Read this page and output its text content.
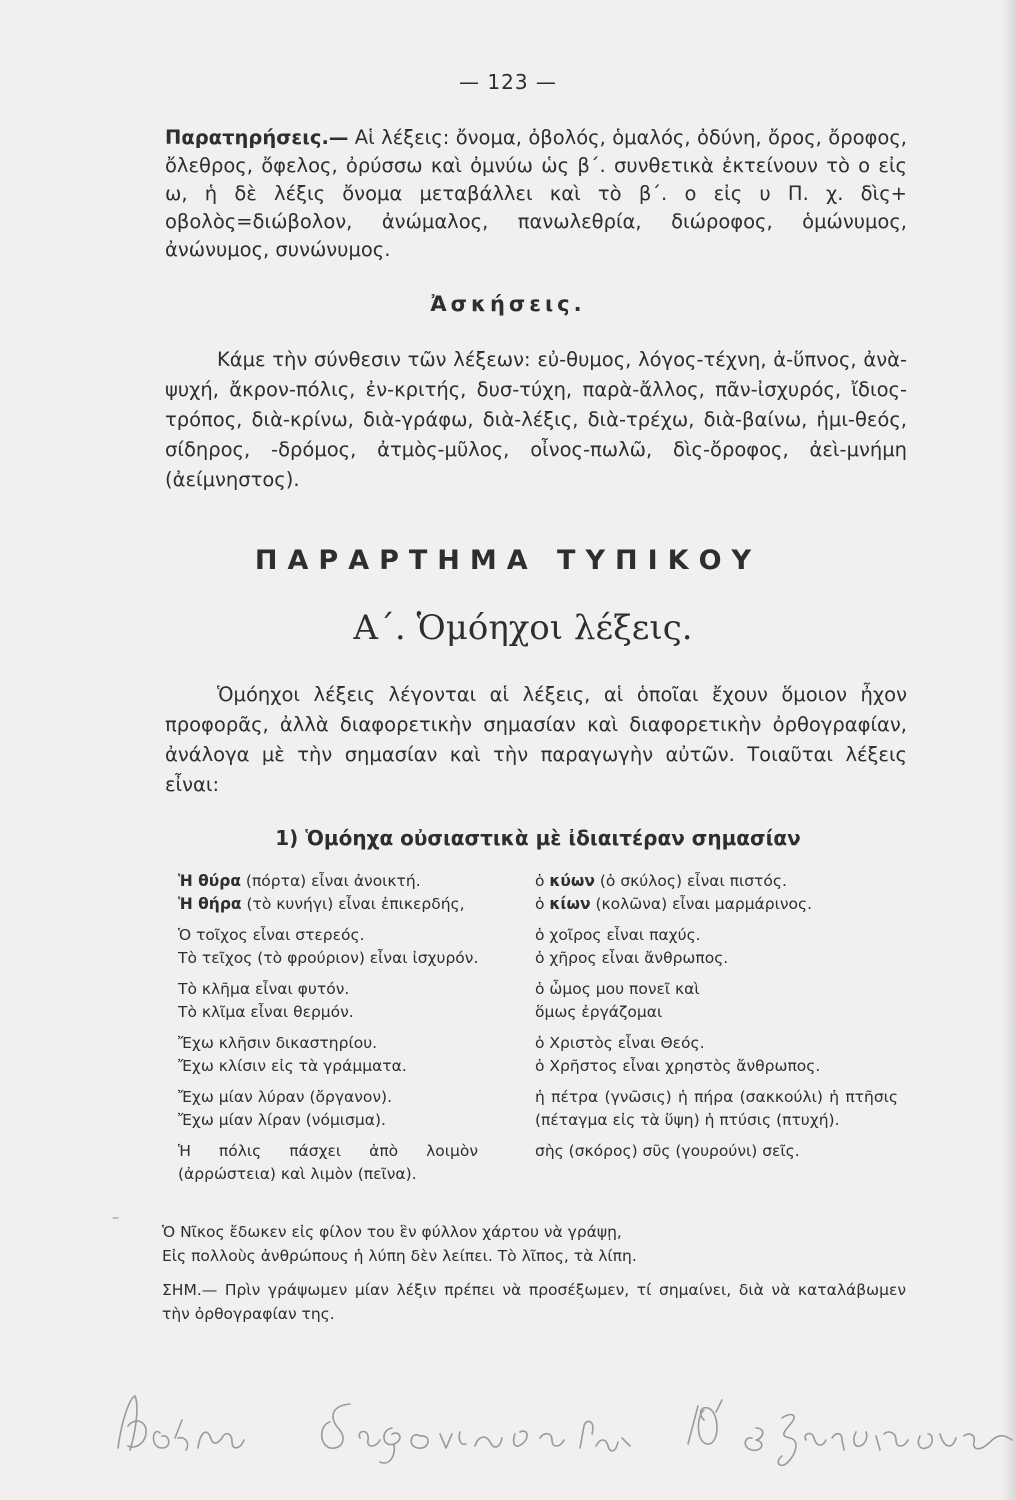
— 123 —
Παρατηρήσεις.— Αἱ λέξεις: ὄνομα, ὀβολός, ὁμαλός, ὀδύνη, ὄρος, ὄροφος, ὄλεθρος, ὄφελος, ὀρύσσω καὶ ὀμνύω ὡς β΄. συνθετικὰ ἐκτείνουν τὸ ο εἰς ω, ἡ δὲ λέξις ὄνομα μεταβάλλει καὶ τὸ β΄. ο εἰς υ Π. χ. δὶς+ οβολὸς=διώβολον, ἀνώμαλος, πανωλεθρία, διώροφος, ὁμώνυμος, ἀνώνυμος, συνώνυμος.
Ἀσκήσεις.
Κάμε τὴν σύνθεσιν τῶν λέξεων: εὐ-θυμος, λόγος-τέχνη, ἀ-ὕπνος, ἀνὰ-ψυχή, ἄκρον-πόλις, ἐν-κριτής, δυσ-τύχη, παρὰ-ἄλλος, πᾶν-ἰσχυρός, ἴδιος-τρόπος, διὰ-κρίνω, διὰ-γράφω, διὰ-λέξις, διὰ-τρέχω, διὰ-βαίνω, ἡμι-θεός, σίδηρος, -δρόμος, ἀτμὸς-μῦλος, οἶνος-πωλῶ, δὶς-ὄροφος, ἀεὶ-μνήμη (ἀείμνηστος).
ΠΑΡΑΡΤΗΜΑ ΤΥΠΙΚΟΥ
Α΄. Ὁμόηχοι λέξεις.
Ὁμόηχοι λέξεις λέγονται αἱ λέξεις, αἱ ὁποῖαι ἔχουν ὅμοιον ἦχον προφορᾶς, ἀλλὰ διαφορετικὴν σημασίαν καὶ διαφορετικὴν ὀρθογραφίαν, ἀνάλογα μὲ τὴν σημασίαν καὶ τὴν παραγωγὴν αὐτῶν. Τοιαῦται λέξεις εἶναι:
1) Ὁμόηχα οὐσιαστικὰ μὲ ἰδιαιτέραν σημασίαν
Ἡ θύρα (πόρτα) εἶναι ἀνοικτή.
Ἡ θήρα (τὸ κυνήγι) εἶναι ἐπικερδής,
ὁ κύων (ὁ σκύλος) εἶναι πιστός.
ὁ κίων (κολῶνα) εἶναι μαρμάρινος.
Ὁ τοῖχος εἶναι στερεός.
Τὸ τεῖχος (τὸ φρούριον) εἶναι ἰσχυρόν.
ὁ χοῖρος εἶναι παχύς.
ὁ χῆρος εἶναι ἄνθρωπος.
Τὸ κλῆμα εἶναι φυτόν.
Τὸ κλῖμα εἶναι θερμόν.
ὁ ὦμος μου πονεῖ καὶ
ὅμως ἐργάζομαι
Ἔχω κλῆσιν δικαστηρίου.
Ἔχω κλίσιν εἰς τὰ γράμματα.
ὁ Χριστὸς εἶναι Θεός.
ὁ Χρῆστος εἶναι χρηστὸς ἄνθρωπος.
Ἔχω μίαν λύραν (ὄργανον).
Ἔχω μίαν λίραν (νόμισμα).
ἡ πέτρα (γνῶσις) ἡ πήρα (σακκούλι) ἡ πτῆσις (πέταγμα εἰς τὰ ὕψη) ἡ πτύσις (πτυχή).
Ἡ πόλις πάσχει ἀπὸ λοιμὸν (ἀρρώστεια) καὶ λιμὸν (πεῖνα).
σὴς (σκόρος) σῦς (γουρούνι) σεῖς.
–
Ὁ Νῖκος ἔδωκεν εἰς φίλον του ἓν φύλλον χάρτου νὰ γράψῃ,
Εἰς πολλοὺς ἀνθρώπους ἡ λύπη δὲν λείπει. Τὸ λῖπος, τὰ λίπη.
ΣΗΜ.— Πρὶν γράψωμεν μίαν λέξιν πρέπει νὰ προσέξωμεν, τί σημαίνει, διὰ νὰ καταλάβωμεν τὴν ὀρθογραφίαν της.
